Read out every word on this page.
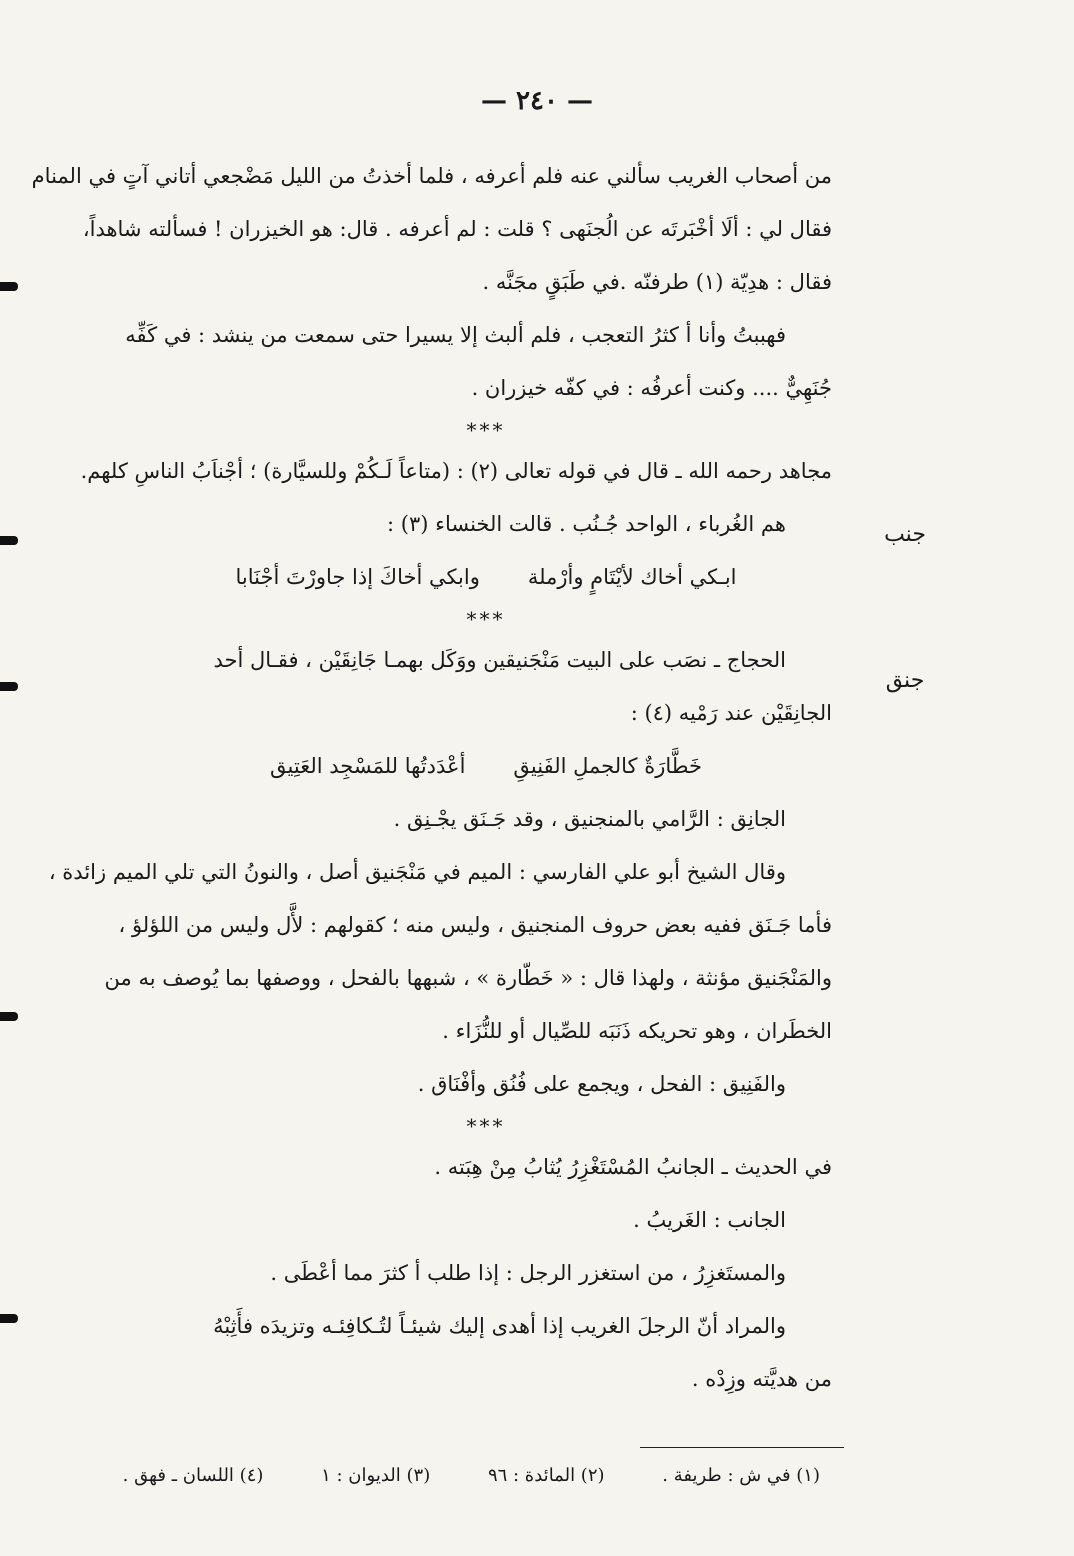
— ٢٤٠ —
من أصحاب الغريب سألني عنه فلم أعرفه ، فلما أخذتُ من الليل مَضْجعي أتاني آتٍ في المنام
فقال لي : ألَا أخْبَرتَه عن الُجنَهى ؟ قلت : لم أعرفه . قال: هو الخيزران ! فسألته شاهداً،
فقال : هدِيّة (١) طرفنّه .في طَبَقٍ مجَنَّه .
فهببتُ وأنا أ كثرُ التعجب ، فلم ألبث إلا يسيرا حتى سمعت من ينشد : في كَفِّه
جُنَهِيٌّ .... وكنت أعرفُه : في كفّه خيزران .
***
مجاهد رحمه الله ـ قال في قوله تعالى (٢) : (متاعاً لَـكُمْ وللسيَّارة) ؛ أجْناَبُ الناسِ كلهم.
هم الغُرباء ، الواحد جُـنُب . قالت الخنساء (٣) :
ابـكي أخاك لأيْتَامٍ وأرْملةوابكي أخاكَ إذا جاورْتَ أجْنَابا
***
الحجاج ـ نصَب على البيت مَنْجَنيقين ووَكَل بهمـا جَانِقَيْن ، فقـال أحد
الجانِقَيْن عند رَمْيه (٤) :
خَطَّارَةٌ كالجملِ الفَنِيقِأعْدَدتُها للمَسْجِد العَتِيق
الجانِق : الرَّامي بالمنجنيق ، وقد جَـنَق يجْـنِق .
وقال الشيخ أبو علي الفارسي : الميم في مَنْجَنيق أصل ، والنونُ التي تلي الميم زائدة ،
فأما جَـنَق ففيه بعض حروف المنجنيق ، وليس منه ؛ كقولهم : لأَّل وليس من اللؤلؤ ،
والمَنْجَنيق مؤنثة ، ولهذا قال : « خَطّارة » ، شبهها بالفحل ، ووصفها بما يُوصف به من
الخطَران ، وهو تحريكه ذَنَبَه للصِّيال أو للنُّزَاء .
والفَنِيق : الفحل ، ويجمع على فُنُق وأفْنَاق .
***
في الحديث ـ الجانبُ المُسْتَغْزِرُ يُثابُ مِنْ هِبَته .
الجانب : الغَريبُ .
والمستَغزِرُ ، من استغزر الرجل : إذا طلب أ كثرَ مما أعْطَى .
والمراد أنّ الرجلَ الغريب إذا أهدى إليك شيئـاً لتُـكافِئـه وتزيدَه فأَثِبْهُ
من هديَّته وزِدْه .
جنب
جنق
(١) في ش : طريفة . (٢) المائدة : ٩٦ (٣) الديوان : ١ (٤) اللسان ـ فهق .
